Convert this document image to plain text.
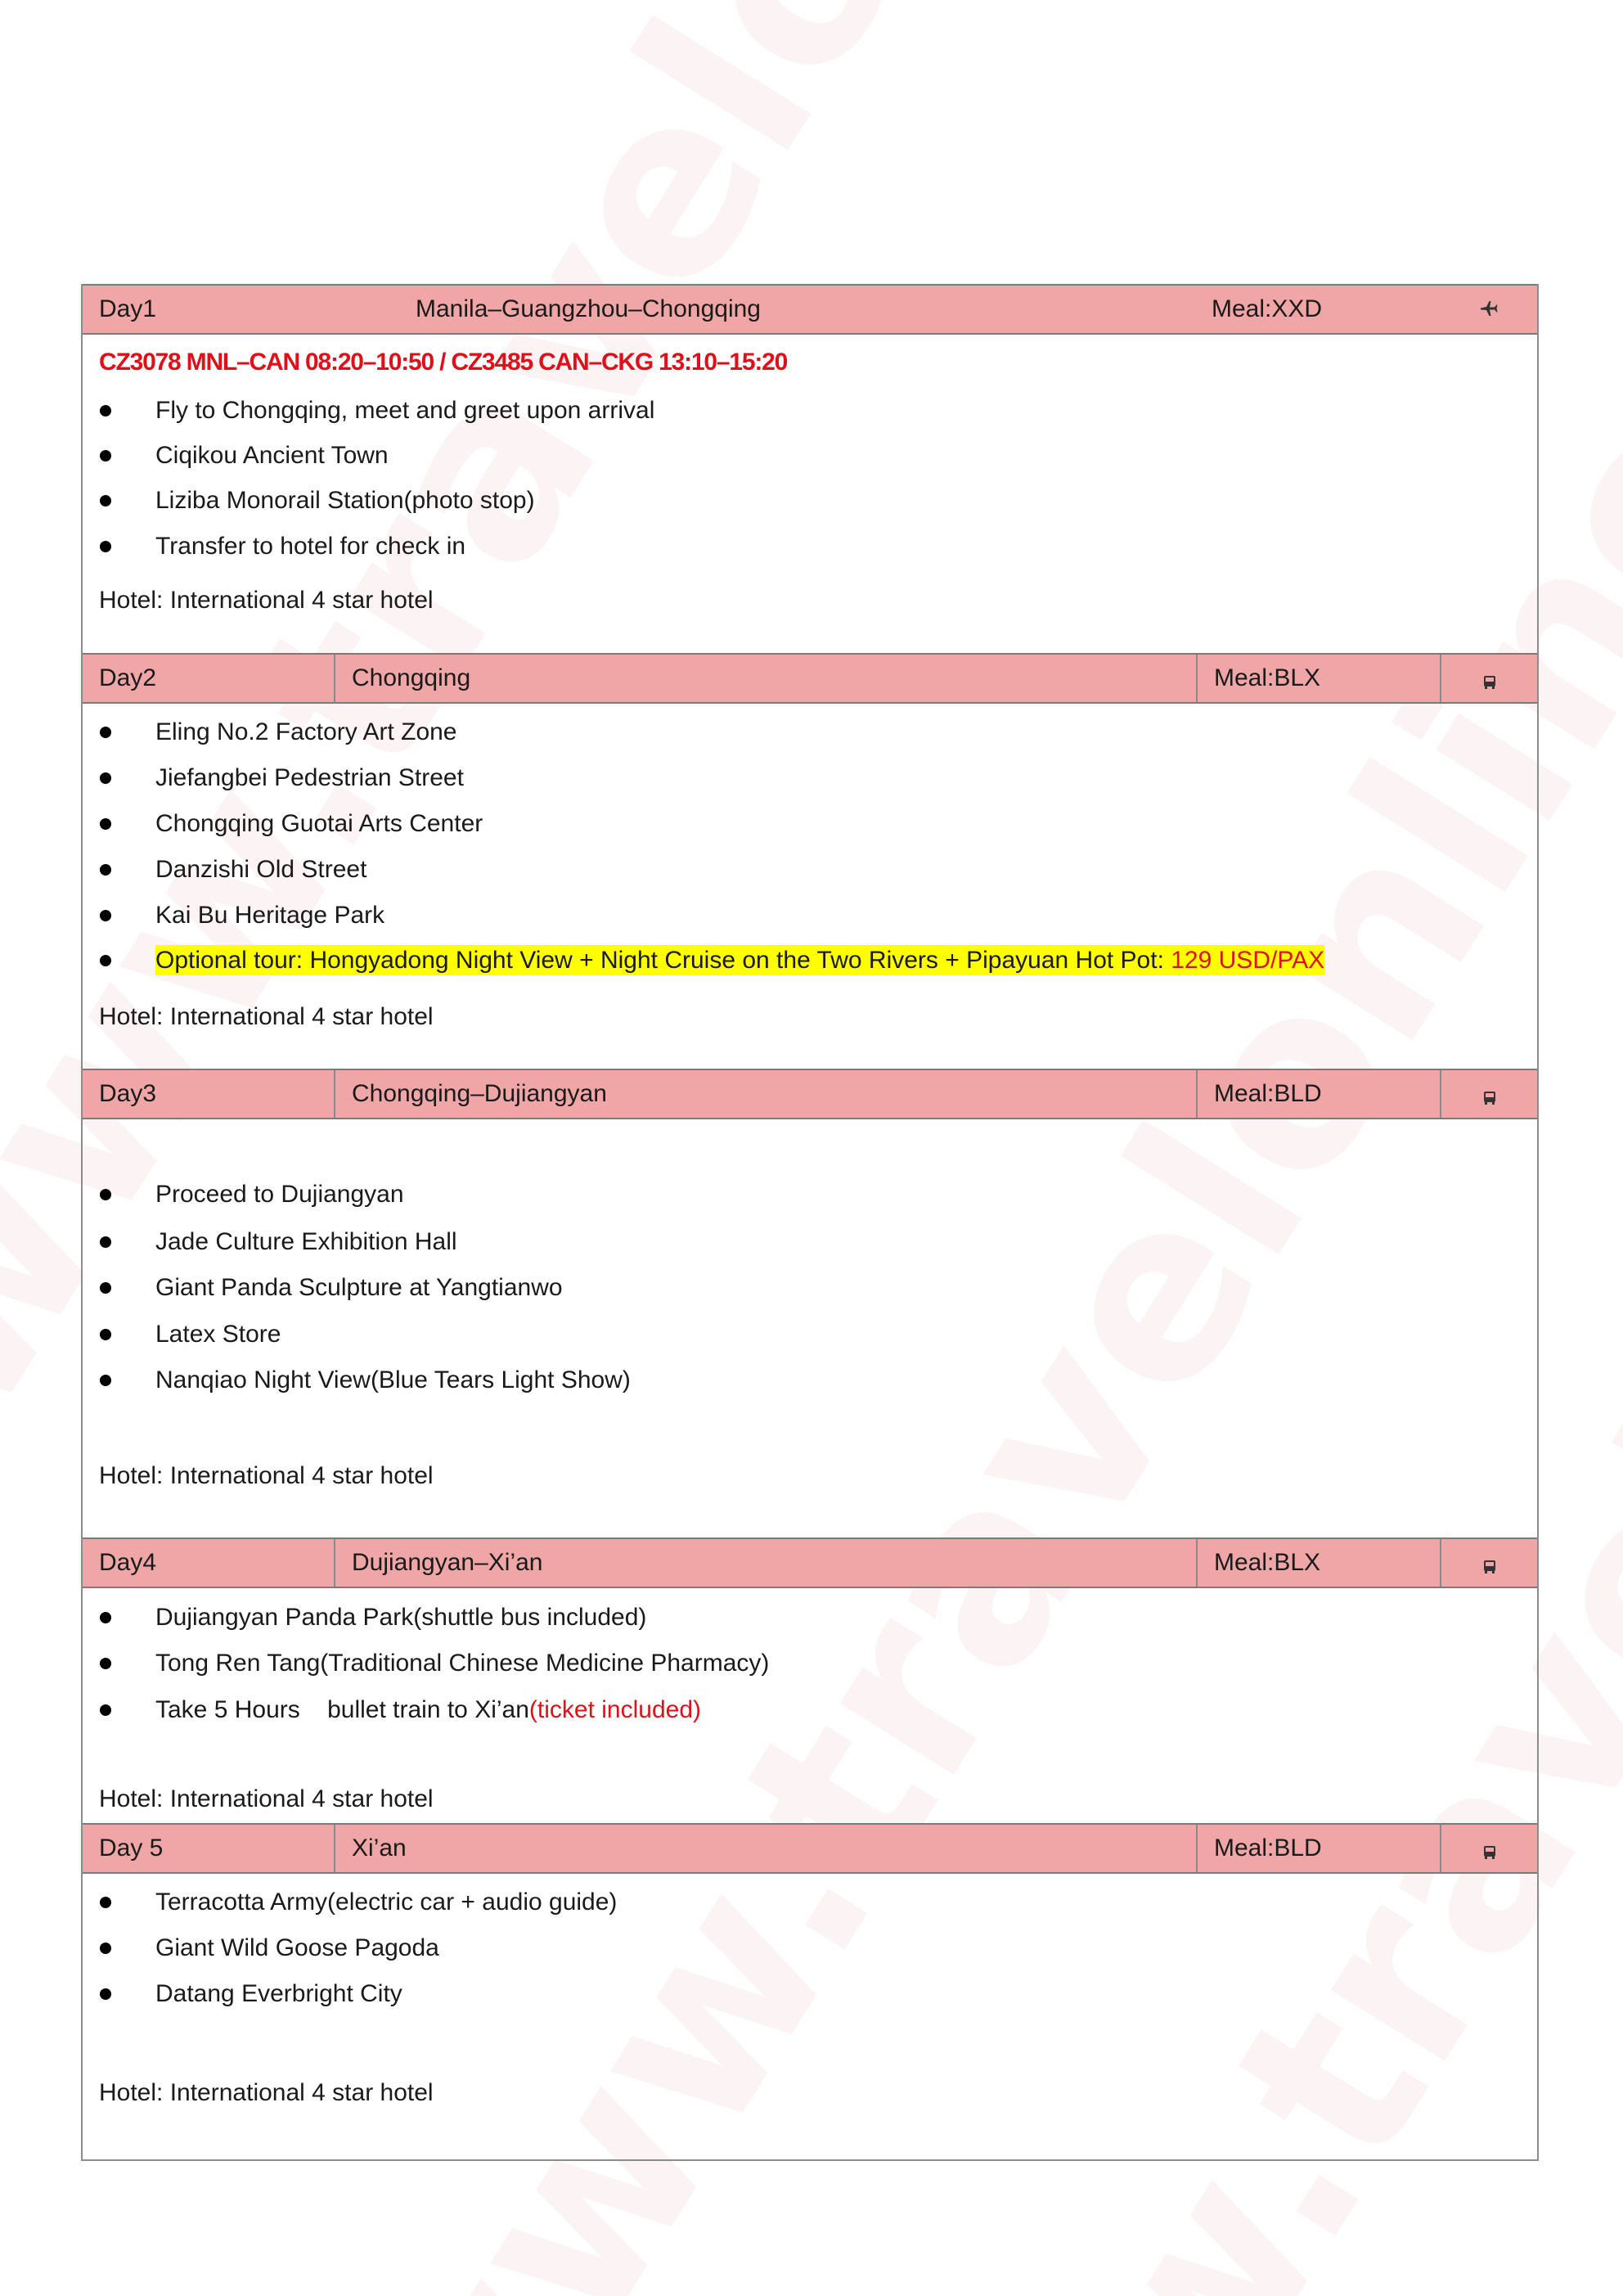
Day1	Manila–Guangzhou–Chongqing	Meal:XXD
CZ3078 MNL–CAN 08:20–10:50 / CZ3485 CAN–CKG 13:10–15:20
Fly to Chongqing, meet and greet upon arrival
Ciqikou Ancient Town
Liziba Monorail Station(photo stop)
Transfer to hotel for check in
Hotel: International 4 star hotel
Day2	Chongqing	Meal:BLX
Eling No.2 Factory Art Zone
Jiefangbei Pedestrian Street
Chongqing Guotai Arts Center
Danzishi Old Street
Kai Bu Heritage Park
Optional tour: Hongyadong Night View + Night Cruise on the Two Rivers + Pipayuan Hot Pot: 129 USD/PAX
Hotel: International 4 star hotel
Day3	Chongqing–Dujiangyan	Meal:BLD
Proceed to Dujiangyan
Jade Culture Exhibition Hall
Giant Panda Sculpture at Yangtianwo
Latex Store
Nanqiao Night View(Blue Tears Light Show)
Hotel: International 4 star hotel
Day4	Dujiangyan–Xi’an	Meal:BLX
Dujiangyan Panda Park(shuttle bus included)
Tong Ren Tang(Traditional Chinese Medicine Pharmacy)
Take 5 Hours    bullet train to Xi’an(ticket included)
Hotel: International 4 star hotel
Day 5	Xi’an	Meal:BLD
Terracotta Army(electric car + audio guide)
Giant Wild Goose Pagoda
Datang Everbright City
Hotel: International 4 star hotel
